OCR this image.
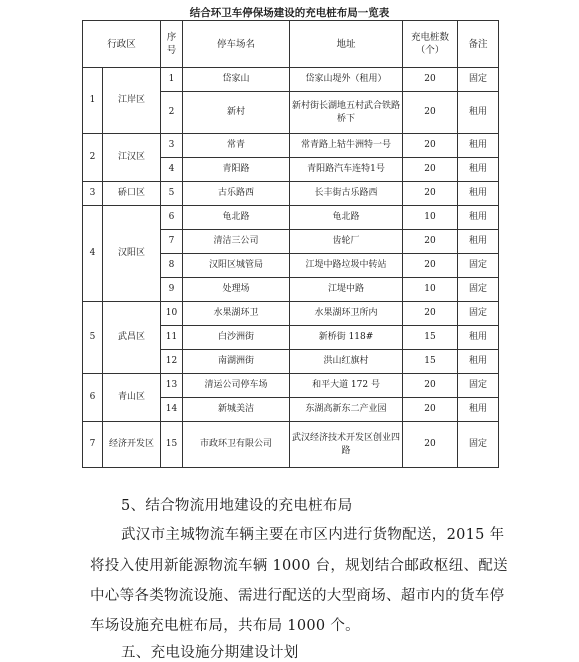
结合环卫车停保场建设的充电桩布局一览表
行政区		序号	停车场名	地址	充电桩数（个）	备注
1	江岸区	1	岱家山	岱家山堤外（租用）	20	固定
		2	新村	新村街长湖地五村武合铁路桥下	20	租用
2	江汉区	3	常青	常青路上轱牛洲特一号	20	租用
		4	青阳路	青阳路汽车连特1号	20	租用
3	硚口区	5	古乐路西	长丰街古乐路西	20	租用
4	汉阳区	6	龟北路	龟北路	10	租用
		7	清洁三公司	齿轮厂	20	租用
		8	汉阳区城管局	江堤中路垃圾中转站	20	固定
		9	处理场	江堤中路	10	固定
5	武昌区	10	水果湖环卫	水果湖环卫所内	20	固定
		11	白沙洲街	新桥街 118#	15	租用
		12	南湖洲街	洪山红旗村	15	租用
6	青山区	13	清运公司停车场	和平大道 172 号	20	固定
		14	新城美洁	东湖高新东二产业园	20	租用
7	经济开发区	15	市政环卫有限公司	武汉经济技术开发区创业四路	20	固定
5、结合物流用地建设的充电桩布局
武汉市主城物流车辆主要在市区内进行货物配送，2015 年
将投入使用新能源物流车辆 1000 台，规划结合邮政枢纽、配送
中心等各类物流设施、需进行配送的大型商场、超市内的货车停
车场设施充电桩布局，共布局 1000 个。
五、充电设施分期建设计划
